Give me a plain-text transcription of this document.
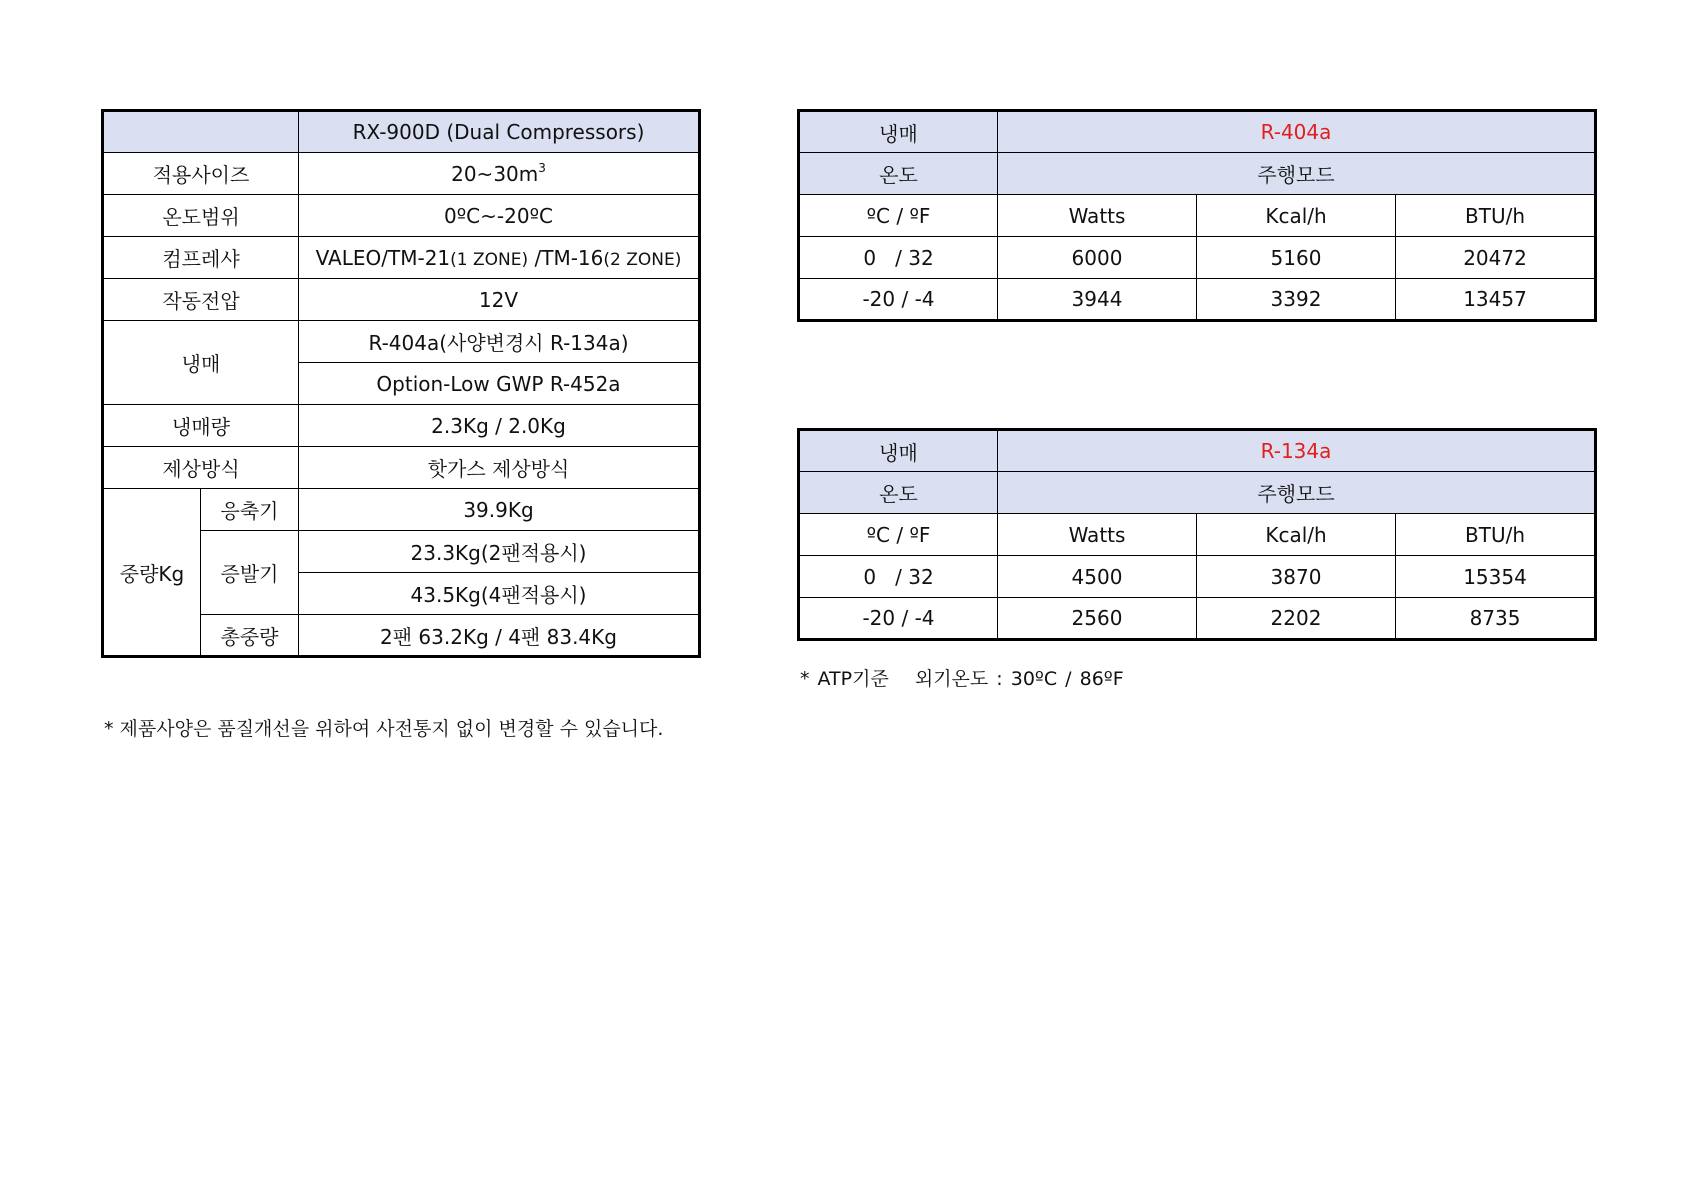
		RX-900D (Dual Compressors)
적용사이즈		$20\sim 30m^3$
온도범위		0ºC~-20ºC
컴프레샤		VALEO/TM-21(1 ZONE) /TM-16(2 ZONE)
작동전압		12V
냉매		R-404a(사양변경시 R-134a)
		Option-Low GWP R-452a
냉매량		2.3Kg / 2.0Kg
제상방식		핫가스 제상방식
중량Kg	응축기	39.9Kg
	증발기	23.3Kg(2팬적용시)
		43.5Kg(4팬적용시)
	총중량	2팬 63.2Kg / 4팬 83.4Kg
* 제품사양은 품질개선을 위하여 사전통지 없이 변경할 수 있습니다.
냉매	R-404a		
온도	주행모드		
ºC / ºF	Watts	Kcal/h	BTU/h
0   / 32	6000	5160	20472
-20 / -4	3944	3392	13457
냉매	R-134a		
온도	주행모드		
ºC / ºF	Watts	Kcal/h	BTU/h
0   / 32	4500	3870	15354
-20 / -4	2560	2202	8735
* ATP기준 외기온도 : 30ºC / 86ºF
